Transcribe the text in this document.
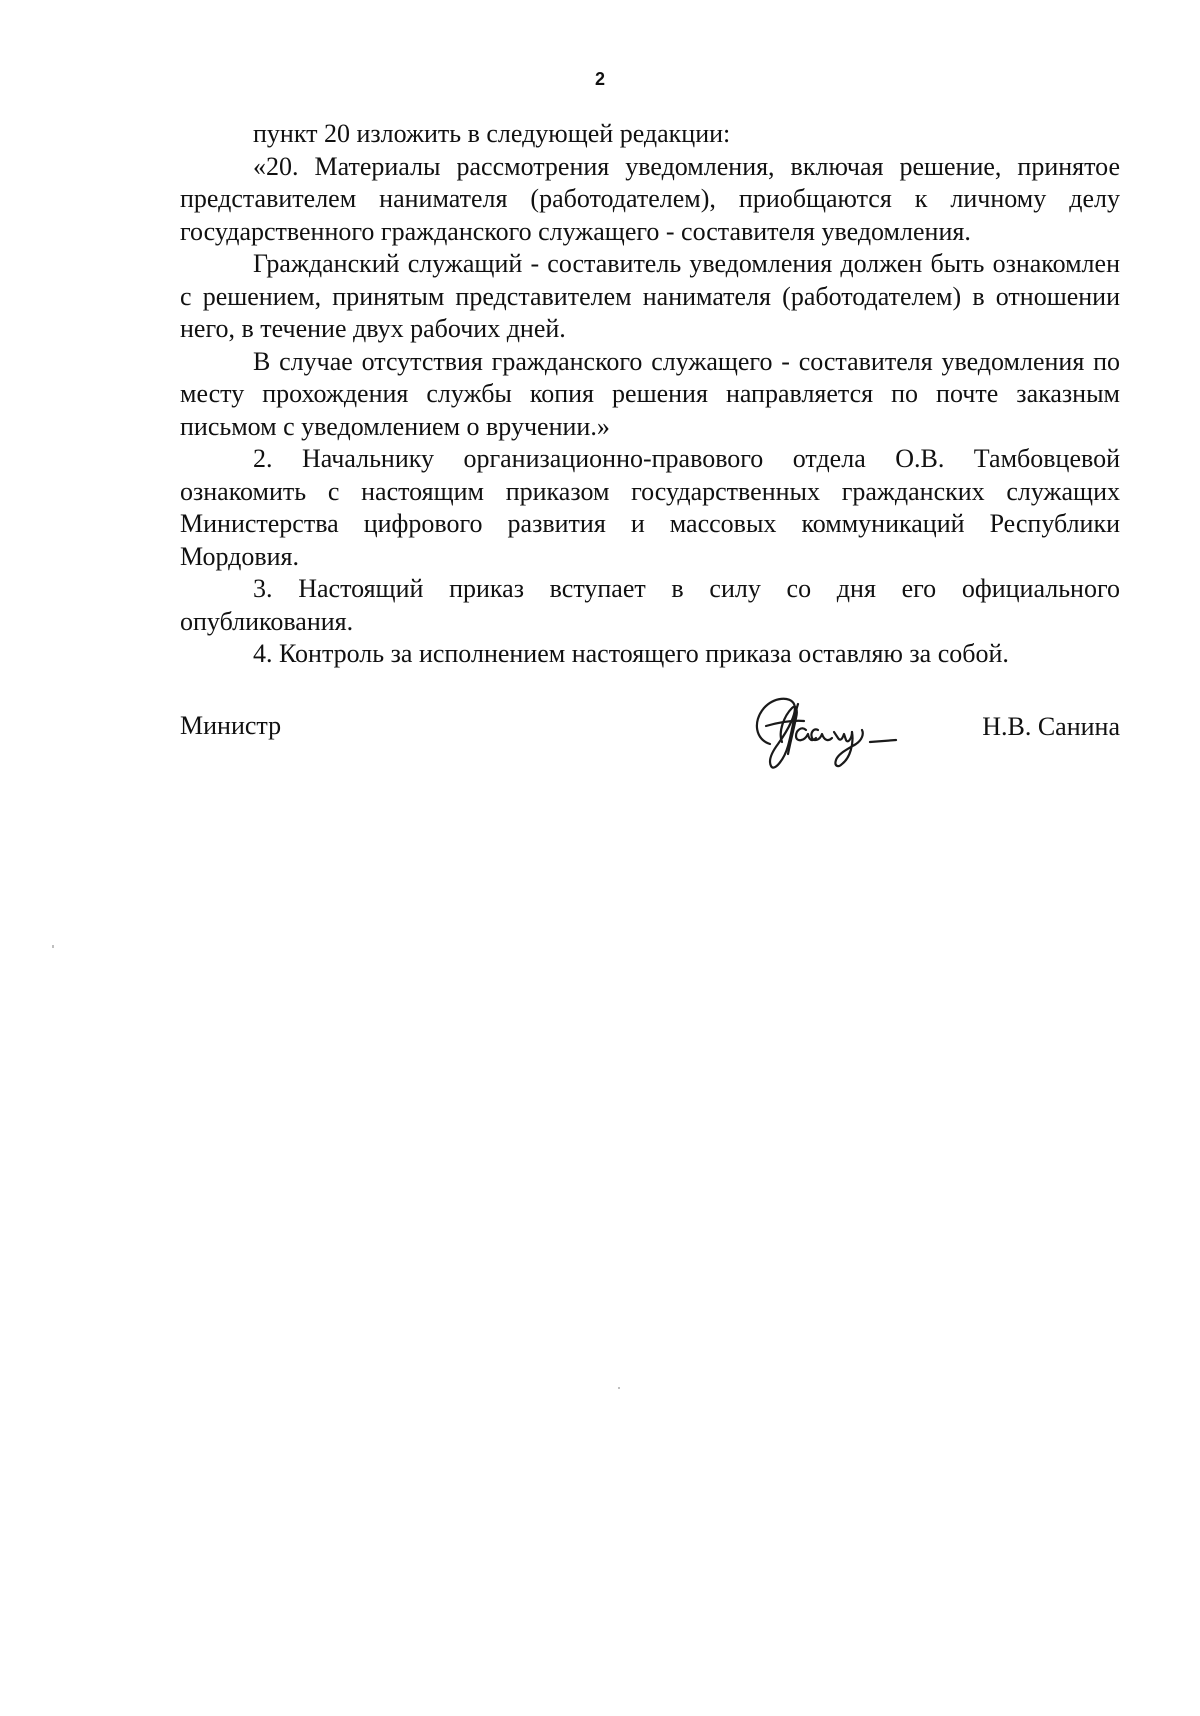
2

пункт 20 изложить в следующей редакции:

«20. Материалы рассмотрения уведомления, включая решение, принятое представителем нанимателя (работодателем), приобщаются к личному делу государственного гражданского служащего - составителя уведомления.

Гражданский служащий - составитель уведомления должен быть ознакомлен с решением, принятым представителем нанимателя (работодателем) в отношении него, в течение двух рабочих дней.

В случае отсутствия гражданского служащего - составителя уведомления по месту прохождения службы копия решения направляется по почте заказным письмом с уведомлением о вручении.»

2. Начальнику организационно-правового отдела О.В. Тамбовцевой ознакомить с настоящим приказом государственных гражданских служащих Министерства цифрового развития и массовых коммуникаций Республики Мордовия.

3. Настоящий приказ вступает в силу со дня его официального опубликования.

4. Контроль за исполнением настоящего приказа оставляю за собой.

Министр	Н.В. Санина
